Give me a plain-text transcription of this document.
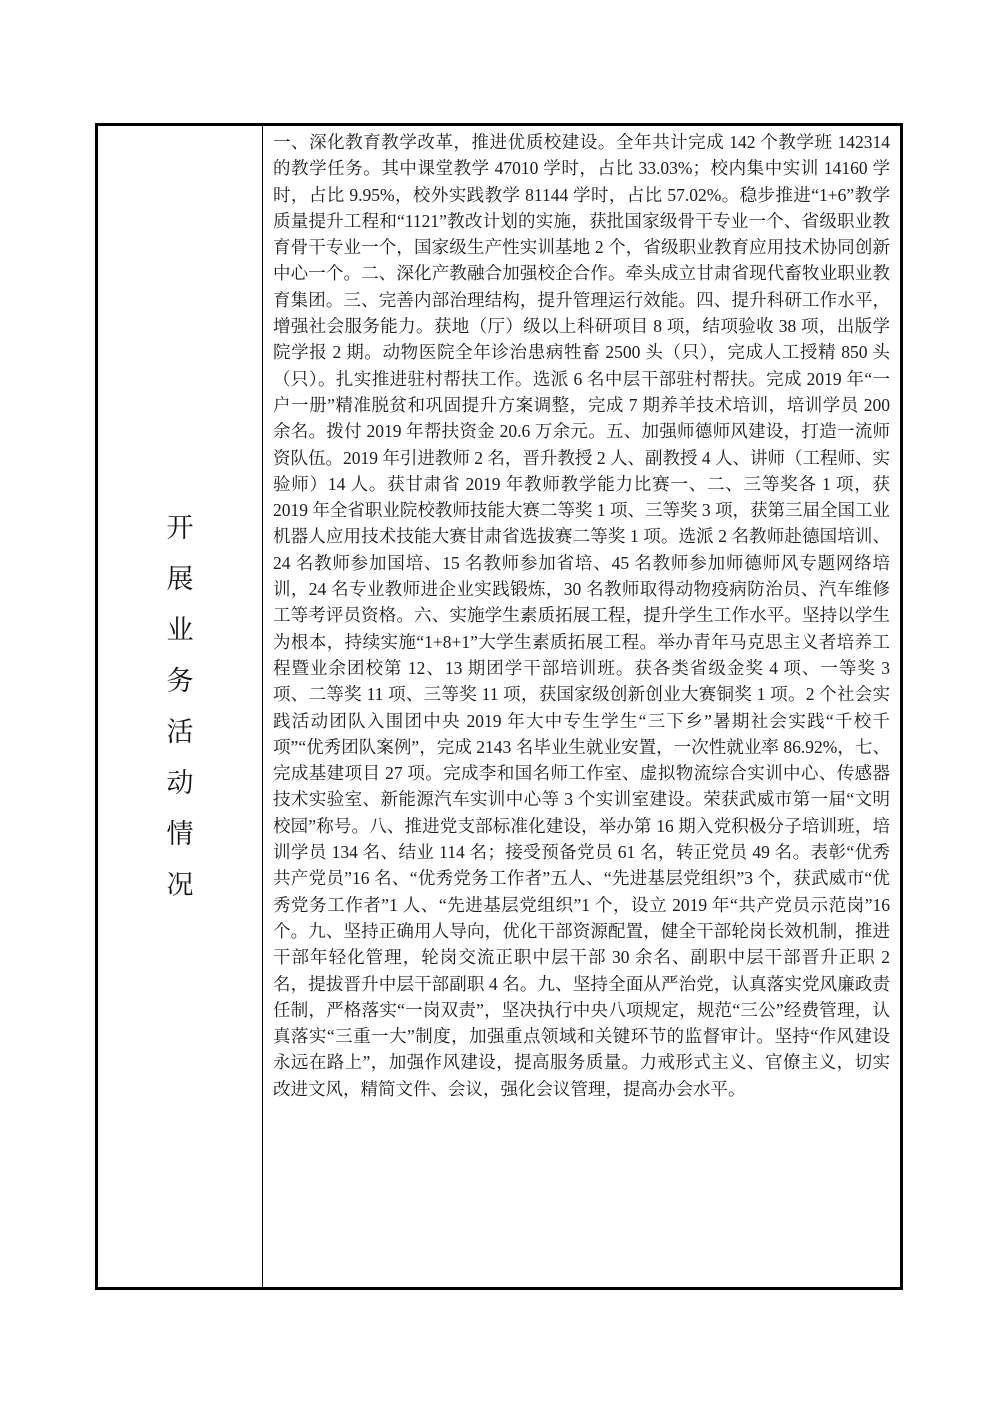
开展业务活动情况

一、深化教育教学改革，推进优质校建设。全年共计完成 142 个教学班 142314 的教学任务。其中课堂教学 47010 学时，占比 33.03%；校内集中实训 14160 学时，占比 9.95%，校外实践教学 81144 学时，占比 57.02%。稳步推进“1+6”教学质量提升工程和“1121”教改计划的实施，获批国家级骨干专业一个、省级职业教育骨干专业一个，国家级生产性实训基地 2 个，省级职业教育应用技术协同创新中心一个。二、深化产教融合加强校企合作。牵头成立甘肃省现代畜牧业职业教育集团。三、完善内部治理结构，提升管理运行效能。四、提升科研工作水平，增强社会服务能力。获地（厅）级以上科研项目 8 项，结项验收 38 项，出版学院学报 2 期。动物医院全年诊治患病牲畜 2500 头（只），完成人工授精 850 头（只）。扎实推进驻村帮扶工作。选派 6 名中层干部驻村帮扶。完成 2019 年“一户一册”精准脱贫和巩固提升方案调整，完成 7 期养羊技术培训，培训学员 200 余名。拨付 2019 年帮扶资金 20.6 万余元。五、加强师德师风建设，打造一流师资队伍。2019 年引进教师 2 名，晋升教授 2 人、副教授 4 人、讲师（工程师、实验师）14 人。获甘肃省 2019 年教师教学能力比赛一、二、三等奖各 1 项，获 2019 年全省职业院校教师技能大赛二等奖 1 项、三等奖 3 项，获第三届全国工业机器人应用技术技能大赛甘肃省选拔赛二等奖 1 项。选派 2 名教师赴德国培训、24 名教师参加国培、15 名教师参加省培、45 名教师参加师德师风专题网络培训，24 名专业教师进企业实践锻炼，30 名教师取得动物疫病防治员、汽车维修工等考评员资格。六、实施学生素质拓展工程，提升学生工作水平。坚持以学生为根本，持续实施“1+8+1”大学生素质拓展工程。举办青年马克思主义者培养工程暨业余团校第 12、13 期团学干部培训班。获各类省级金奖 4 项、一等奖 3 项、二等奖 11 项、三等奖 11 项，获国家级创新创业大赛铜奖 1 项。2 个社会实践活动团队入围团中央 2019 年大中专生学生“三下乡”暑期社会实践“千校千项”“优秀团队案例”，完成 2143 名毕业生就业安置，一次性就业率 86.92%，七、完成基建项目 27 项。完成李和国名师工作室、虚拟物流综合实训中心、传感器技术实验室、新能源汽车实训中心等 3 个实训室建设。荣获武威市第一届“文明校园”称号。八、推进党支部标准化建设，举办第 16 期入党积极分子培训班，培训学员 134 名、结业 114 名；接受预备党员 61 名，转正党员 49 名。表彰“优秀共产党员”16 名、“优秀党务工作者”五人、“先进基层党组织”3 个，获武威市“优秀党务工作者”1 人、“先进基层党组织”1 个，设立 2019 年“共产党员示范岗”16 个。九、坚持正确用人导向，优化干部资源配置，健全干部轮岗长效机制，推进干部年轻化管理，轮岗交流正职中层干部 30 余名、副职中层干部晋升正职 2 名，提拔晋升中层干部副职 4 名。九、坚持全面从严治党，认真落实党风廉政责任制，严格落实“一岗双责”，坚决执行中央八项规定，规范“三公”经费管理，认真落实“三重一大”制度，加强重点领域和关键环节的监督审计。坚持“作风建设永远在路上”，加强作风建设，提高服务质量。力戒形式主义、官僚主义，切实改进文风，精简文件、会议，强化会议管理，提高办会水平。
